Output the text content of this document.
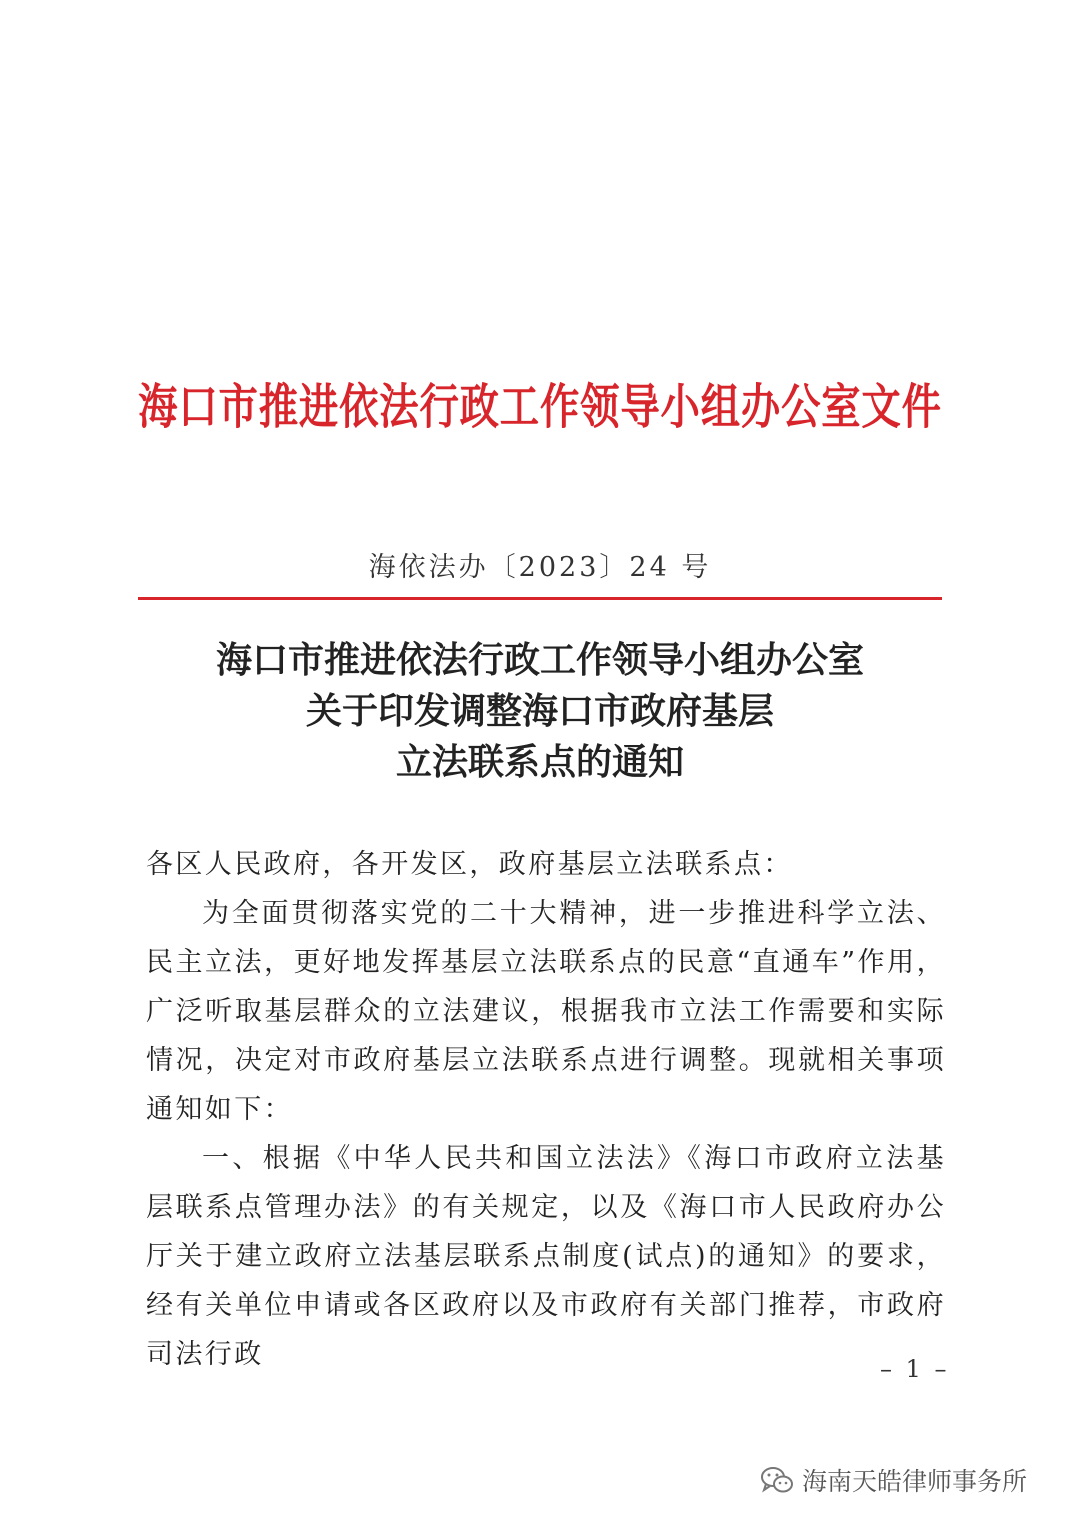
海口市推进依法行政工作领导小组办公室文件
海依法办〔2023〕24 号
海口市推进依法行政工作领导小组办公室
关于印发调整海口市政府基层
立法联系点的通知

各区人民政府，各开发区，政府基层立法联系点：

为全面贯彻落实党的二十大精神，进一步推进科学立法、民主立法，更好地发挥基层立法联系点的民意“直通车”作用，广泛听取基层群众的立法建议，根据我市立法工作需要和实际情况，决定对市政府基层立法联系点进行调整。现就相关事项通知如下：

一、根据《中华人民共和国立法法》《海口市政府立法基层联系点管理办法》的有关规定，以及《海口市人民政府办公厅关于建立政府立法基层联系点制度(试点)的通知》的要求，经有关单位申请或各区政府以及市政府有关部门推荐，市政府司法行政	– 1 –
海南天皓律师事务所
